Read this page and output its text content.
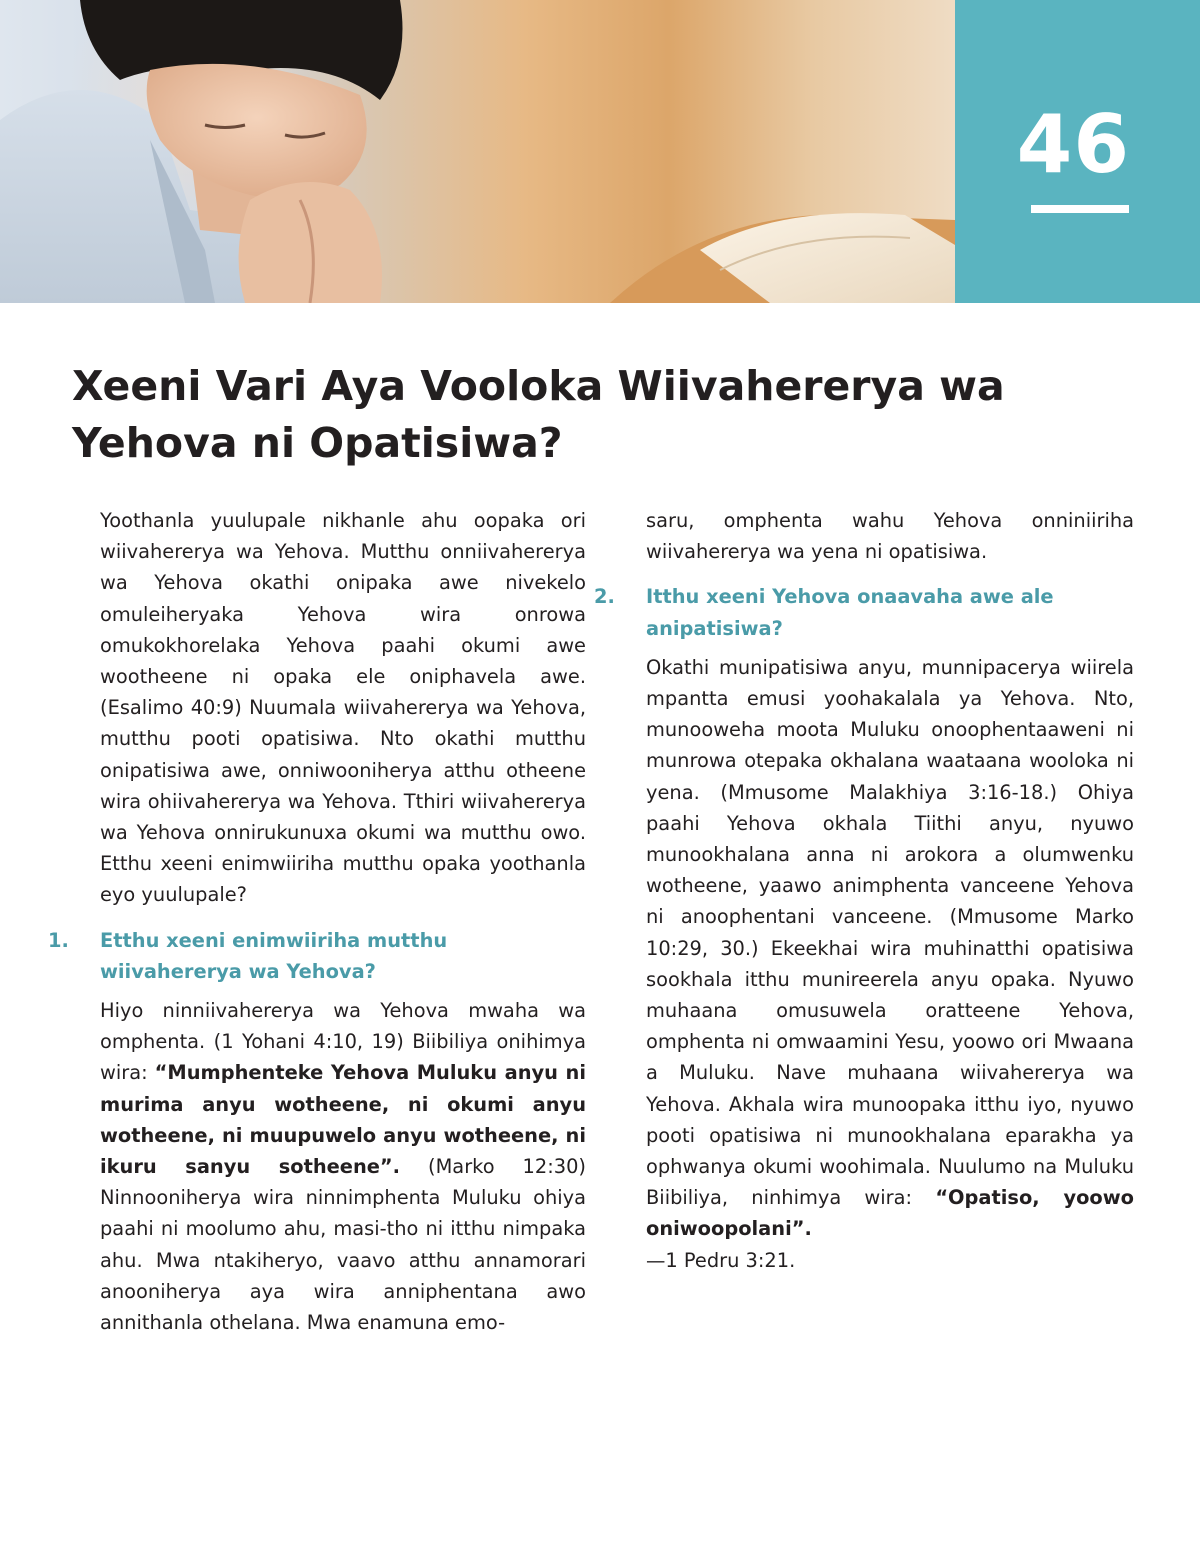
46
Xeeni Vari Aya Vooloka Wiivahererya wa Yehova ni Opatisiwa?

Yoothanla yuulupale nikhanle ahu oopaka ori wiivahererya wa Yehova. Mutthu onniivahererya wa Yehova okathi onipaka awe nivekelo omuleiheryaka Yehova wira onrowa omukokhorelaka Yehova paahi okumi awe wootheene ni opaka ele oniphavela awe. (Esalimo 40:9) Nuumala wiivahererya wa Yehova, mutthu pooti opatisiwa. Nto okathi mutthu onipatisiwa awe, onniwooniherya atthu otheene wira ohiivahererya wa Yehova. Tthiri wiivahererya wa Yehova onnirukunuxa okumi wa mutthu owo. Etthu xeeni enimwiiriha mutthu opaka yoothanla eyo yuulupale?

1. Etthu xeeni enimwiiriha mutthu wiivahererya wa Yehova?

Hiyo ninniivahererya wa Yehova mwaha wa omphenta. (1 Yohani 4:10, 19) Biibiliya onihimya wira: “Mumphenteke Yehova Muluku anyu ni murima anyu wotheene, ni okumi anyu wotheene, ni muupuwelo anyu wotheene, ni ikuru sanyu sotheene”. (Marko 12:30) Ninnooniherya wira ninnimphenta Muluku ohiya paahi ni moolumo ahu, masi-tho ni itthu nimpaka ahu. Mwa ntakiheryo, vaavo atthu annamorari anooniherya aya wira anniphentana awo annithanla othelana. Mwa enamuna emo-

saru, omphenta wahu Yehova onniniiriha wiivahererya wa yena ni opatisiwa.

2. Itthu xeeni Yehova onaavaha awe ale anipatisiwa?

Okathi munipatisiwa anyu, munnipacerya wiirela mpantta emusi yoohakalala ya Yehova. Nto, munooweha moota Muluku onoophentaaweni ni munrowa otepaka okhalana waataana wooloka ni yena. (Mmusome Malakhiya 3:16-18.) Ohiya paahi Yehova okhala Tiithi anyu, nyuwo munookhalana anna ni arokora a olumwenku wotheene, yaawo animphenta vanceene Yehova ni anoophentani vanceene. (Mmusome Marko 10:29, 30.) Ekeekhai wira muhinatthi opatisiwa sookhala itthu munireerela anyu opaka. Nyuwo muhaana omusuwela oratteene Yehova, omphenta ni omwaamini Yesu, yoowo ori Mwaana a Muluku. Nave muhaana wiivahererya wa Yehova. Akhala wira munoopaka itthu iyo, nyuwo pooti opatisiwa ni munookhalana eparakha ya ophwanya okumi woohimala. Nuulumo na Muluku Biibiliya, ninhimya wira: “Opatiso, yoowo oniwoopolani”.
—1 Pedru 3:21.
